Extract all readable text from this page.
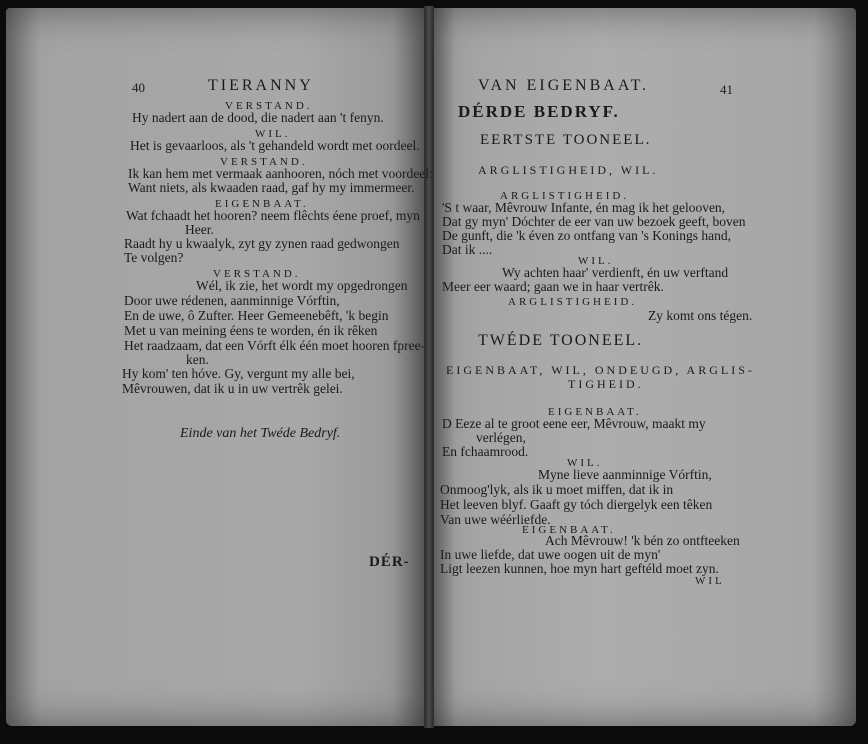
40	TIERANNY
VERSTAND.
Hy nadert aan de dood, die nadert aan 't fenyn.
WIL.
Het is gevaarloos, als 't gehandeld wordt met oordeel.
VERSTAND.
Ik kan hem met vermaak aanhooren, nóch met voordeel:
Want niets, als kwaaden raad, gaf hy my immermeer.
EIGENBAAT.
Wat fchaadt het hooren? neem flêchts éene proef, myn
Heer.
Raadt hy u kwaalyk, zyt gy zynen raad gedwongen
Te volgen?
VERSTAND.
Wél, ik zie, het wordt my opgedrongen
Door uwe rédenen, aanminnige Vórftin,
En de uwe, ô Zufter. Heer Gemeenebêft, 'k begin
Met u van meining éens te worden, én ik rêken
Het raadzaam, dat een Vórft élk één moet hooren fpree-
ken.
Hy kom' ten hóve. Gy, vergunt my alle bei,
Mêvrouwen, dat ik u in uw vertrêk gelei.
Einde van het Twéde Bedryf.
DÉR-
VAN EIGENBAAT.	41
DÉRDE BEDRYF.
EERTSTE TOONEEL.
ARGLISTIGHEID, WIL.
ARGLISTIGHEID.
'S t waar, Mêvrouw Infante, én mag ik het gelooven,
Dat gy myn' Dóchter de eer van uw bezoek geeft, boven
De gunft, die 'k éven zo ontfang van 's Konings hand,
Dat ik ....
WIL.
Wy achten haar' verdienft, én uw verftand
Meer eer waard; gaan we in haar vertrêk.
ARGLISTIGHEID.
Zy komt ons tégen.
TWÉDE TOONEEL.
EIGENBAAT, WIL, ONDEUGD, ARGLIS-
TIGHEID.
EIGENBAAT.
D Eeze al te groot eene eer, Mêvrouw, maakt my
verlégen,
En fchaamrood.
WIL.
Myne lieve aanminnige Vórftin,
Onmoog'lyk, als ik u moet miffen, dat ik in
Het leeven blyf. Gaaft gy tóch diergelyk een têken
Van uwe wéérliefde.
EIGENBAAT.
Ach Mêvrouw! 'k bén zo ontfteeken
In uwe liefde, dat uwe oogen uit de myn'
Ligt leezen kunnen, hoe myn hart geftéld moet zyn.
WIL
